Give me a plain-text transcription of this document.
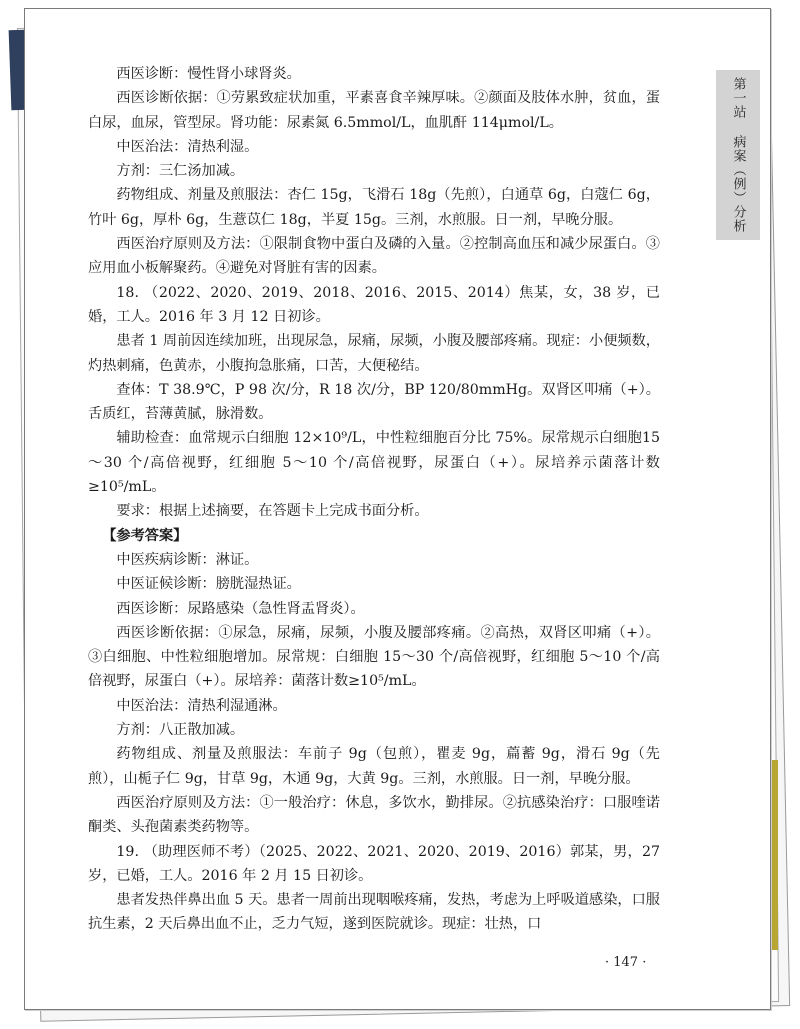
第一站 病案（例）分析

西医诊断：慢性肾小球肾炎。

西医诊断依据：①劳累致症状加重，平素喜食辛辣厚味。②颜面及肢体水肿，贫血，蛋白尿，血尿，管型尿。肾功能：尿素氮 6.5mmol/L，血肌酐 114μmol/L。

中医治法：清热利湿。

方剂：三仁汤加减。

药物组成、剂量及煎服法：杏仁 15g，飞滑石 18g（先煎），白通草 6g，白蔻仁 6g，竹叶 6g，厚朴 6g，生薏苡仁 18g，半夏 15g。三剂，水煎服。日一剂，早晚分服。

西医治疗原则及方法：①限制食物中蛋白及磷的入量。②控制高血压和减少尿蛋白。③应用血小板解聚药。④避免对肾脏有害的因素。

18. （2022、2020、2019、2018、2016、2015、2014）焦某，女，38 岁，已婚，工人。2016 年 3 月 12 日初诊。

患者 1 周前因连续加班，出现尿急，尿痛，尿频，小腹及腰部疼痛。现症：小便频数，灼热刺痛，色黄赤，小腹拘急胀痛，口苦，大便秘结。

查体：T 38.9℃，P 98 次/分，R 18 次/分，BP 120/80mmHg。双肾区叩痛（+）。舌质红，苔薄黄腻，脉滑数。

辅助检查：血常规示白细胞 12×10⁹/L，中性粒细胞百分比 75%。尿常规示白细胞15～30 个/高倍视野，红细胞 5～10 个/高倍视野，尿蛋白（+）。尿培养示菌落计数≥10⁵/mL。

要求：根据上述摘要，在答题卡上完成书面分析。

【参考答案】

中医疾病诊断：淋证。

中医证候诊断：膀胱湿热证。

西医诊断：尿路感染（急性肾盂肾炎）。

西医诊断依据：①尿急，尿痛，尿频，小腹及腰部疼痛。②高热，双肾区叩痛（+）。③白细胞、中性粒细胞增加。尿常规：白细胞 15～30 个/高倍视野，红细胞 5～10 个/高倍视野，尿蛋白（+）。尿培养：菌落计数≥10⁵/mL。

中医治法：清热利湿通淋。

方剂：八正散加减。

药物组成、剂量及煎服法：车前子 9g（包煎），瞿麦 9g，萹蓄 9g，滑石 9g（先煎），山栀子仁 9g，甘草 9g，木通 9g，大黄 9g。三剂，水煎服。日一剂，早晚分服。

西医治疗原则及方法：①一般治疗：休息，多饮水，勤排尿。②抗感染治疗：口服喹诺酮类、头孢菌素类药物等。

19. （助理医师不考）（2025、2022、2021、2020、2019、2016）郭某，男，27 岁，已婚，工人。2016 年 2 月 15 日初诊。

患者发热伴鼻出血 5 天。患者一周前出现咽喉疼痛，发热，考虑为上呼吸道感染，口服抗生素，2 天后鼻出血不止，乏力气短，遂到医院就诊。现症：壮热，口

· 147 ·
